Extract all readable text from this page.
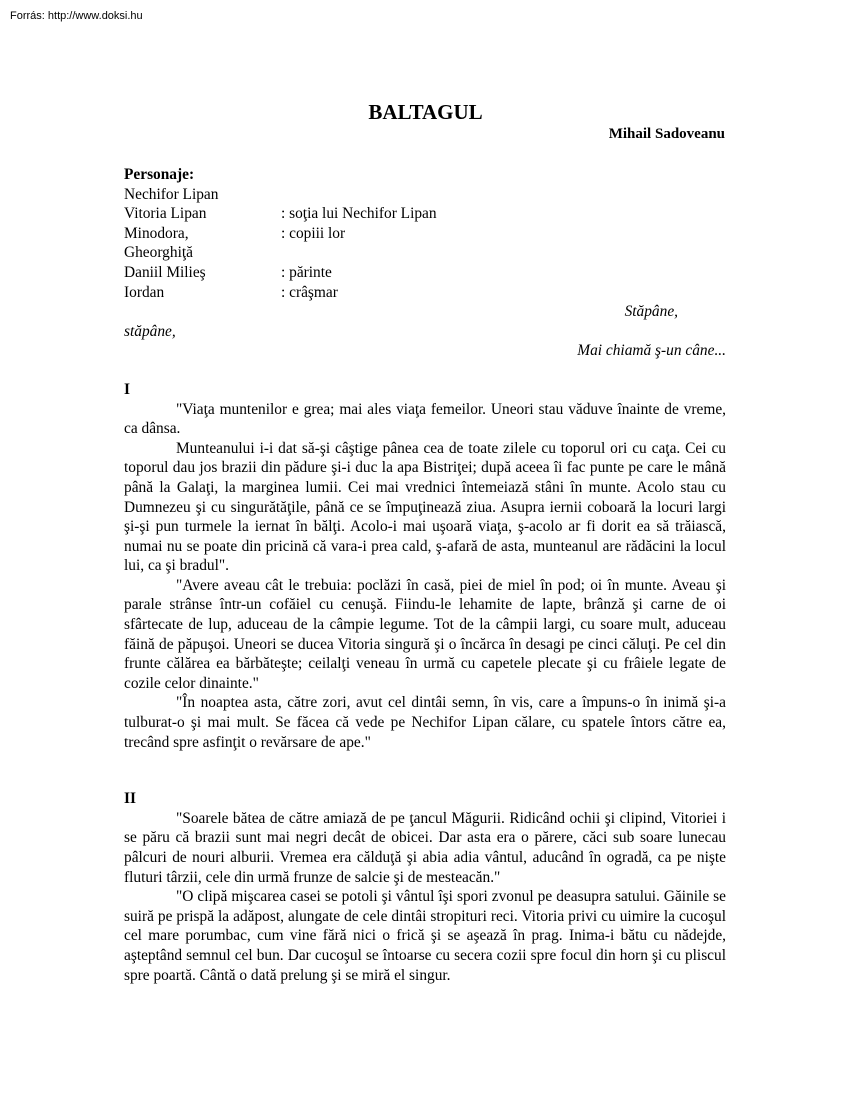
Forrás: http://www.doksi.hu
BALTAGUL
Mihail Sadoveanu
Personaje:
Nechifor Lipan
Vitoria Lipan	: soţia lui Nechifor Lipan
Minodora,	: copiii lor
Gheorghiţă
Daniil Milieş	: părinte
Iordan	: crâşmar
Stăpâne,
stăpâne,
Mai chiamă ş-un câne...
I

"Viaţa muntenilor e grea; mai ales viaţa femeilor. Uneori stau văduve înainte de vreme, ca dânsa.

Munteanului i-i dat să-şi câştige pânea cea de toate zilele cu toporul ori cu caţa. Cei cu toporul dau jos brazii din pădure şi-i duc la apa Bistriţei; după aceea îi fac punte pe care le mână până la Galaţi, la marginea lumii. Cei mai vrednici întemeiază stâni în munte. Acolo stau cu Dumnezeu şi cu singurătăţile, până ce se împuţinează ziua. Asupra iernii coboară la locuri largi şi-şi pun turmele la iernat în bălţi. Acolo-i mai uşoară viaţa, ş-acolo ar fi dorit ea să trăiască, numai nu se poate din pricină că vara-i prea cald, ş-afară de asta, munteanul are rădăcini la locul lui, ca şi bradul".

"Avere aveau cât le trebuia: poclăzi în casă, piei de miel în pod; oi în munte. Aveau şi parale strânse într-un cofăiel cu cenuşă. Fiindu-le lehamite de lapte, brânză şi carne de oi sfârtecate de lup, aduceau de la câmpie legume. Tot de la câmpii largi, cu soare mult, aduceau făină de păpuşoi. Uneori se ducea Vitoria singură şi o încărca în desagi pe cinci căluţi. Pe cel din frunte călărea ea bărbăteşte; ceilalţi veneau în urmă cu capetele plecate şi cu frâiele legate de cozile celor dinainte."

"În noaptea asta, către zori, avut cel dintâi semn, în vis, care a împuns-o în inimă şi-a tulburat-o şi mai mult. Se făcea că vede pe Nechifor Lipan călare, cu spatele întors către ea, trecând spre asfinţit o revărsare de ape."

II

"Soarele bătea de către amiază de pe ţancul Măgurii. Ridicând ochii şi clipind, Vitoriei i se păru că brazii sunt mai negri decât de obicei. Dar asta era o părere, căci sub soare lunecau pâlcuri de nouri alburii. Vremea era călduţă şi abia adia vântul, aducând în ogradă, ca pe nişte fluturi târzii, cele din urmă frunze de salcie şi de mesteacăn."

"O clipă mişcarea casei se potoli şi vântul îşi spori zvonul pe deasupra satului. Găinile se suiră pe prispă la adăpost, alungate de cele dintâi stropituri reci. Vitoria privi cu uimire la cucoşul cel mare porumbac, cum vine fără nici o frică şi se aşează în prag. Inima-i bătu cu nădejde, aşteptând semnul cel bun. Dar cucoşul se întoarse cu secera cozii spre focul din horn şi cu pliscul spre poartă. Cântă o dată prelung şi se miră el singur.
